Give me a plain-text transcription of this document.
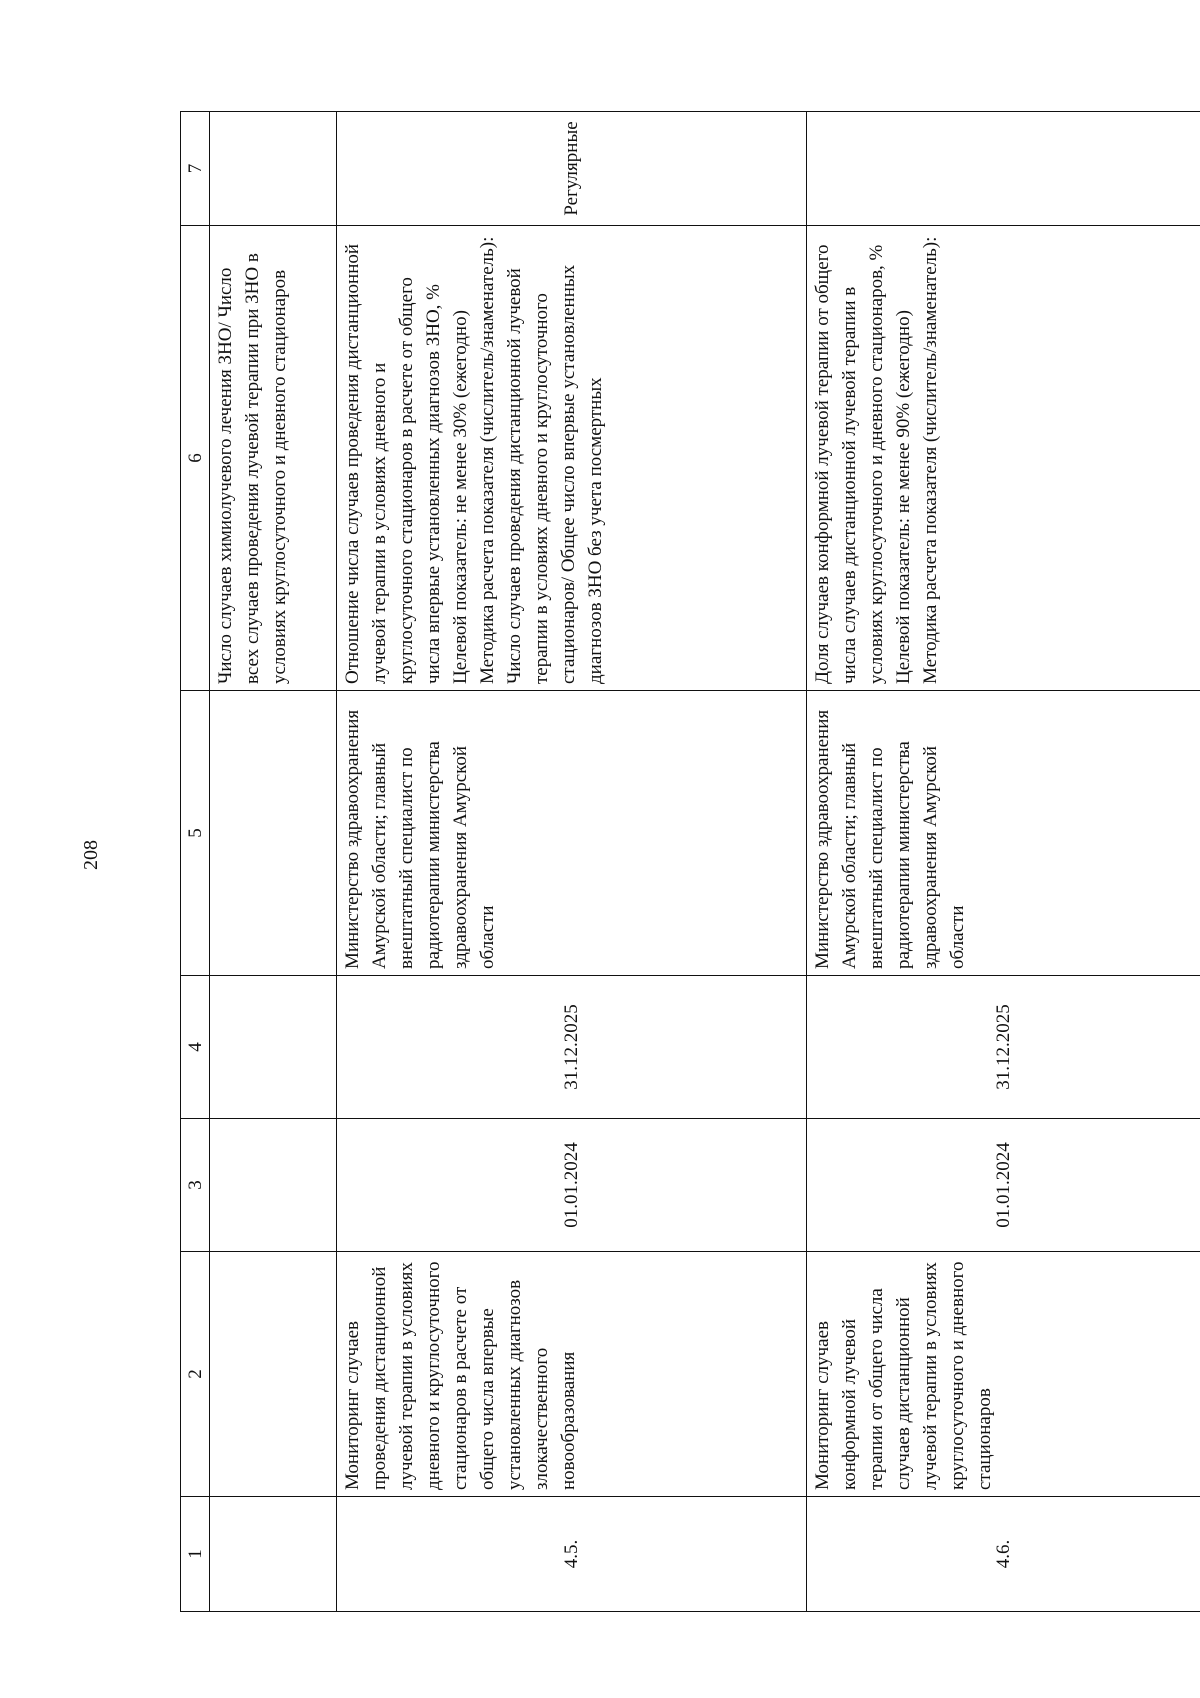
208
1	2	3	4	5	6	7

					Число случаев химиолучевого лечения ЗНО/ Число всех случаев проведения лучевой терапии при ЗНО в условиях круглосуточного и дневного стационаров	

4.5.	Мониторинг случаев проведения дистанционной лучевой терапии в условиях дневного и круглосуточного стационаров в расчете от общего числа впервые установленных диагнозов злокачественного новообразования	01.01.2024	31.12.2025	Министерство здравоохранения Амурской области; главный внештатный специалист по радиотерапии министерства здравоохранения Амурской области	Отношение числа случаев проведения дистанционной лучевой терапии в условиях дневного и круглосуточного стационаров в расчете от общего числа впервые установленных диагнозов ЗНО, % Целевой показатель: не менее 30% (ежегодно) Методика расчета показателя (числитель/знаменатель): Число случаев проведения дистанционной лучевой терапии в условиях дневного и круглосуточного стационаров/ Общее число впервые установленных диагнозов ЗНО без учета посмертных	Регулярные
4.6.	Мониторинг случаев конформной лучевой терапии от общего числа случаев дистанционной лучевой терапии в условиях круглосуточного и дневного стационаров	01.01.2024	31.12.2025	Министерство здравоохранения Амурской области; главный внештатный специалист по радиотерапии министерства здравоохранения Амурской области	Доля случаев конформной лучевой терапии от общего числа случаев дистанционной лучевой терапии в условиях круглосуточного и дневного стационаров, % Целевой показатель: не менее 90% (ежегодно) Методика расчета показателя (числитель/знаменатель):	
